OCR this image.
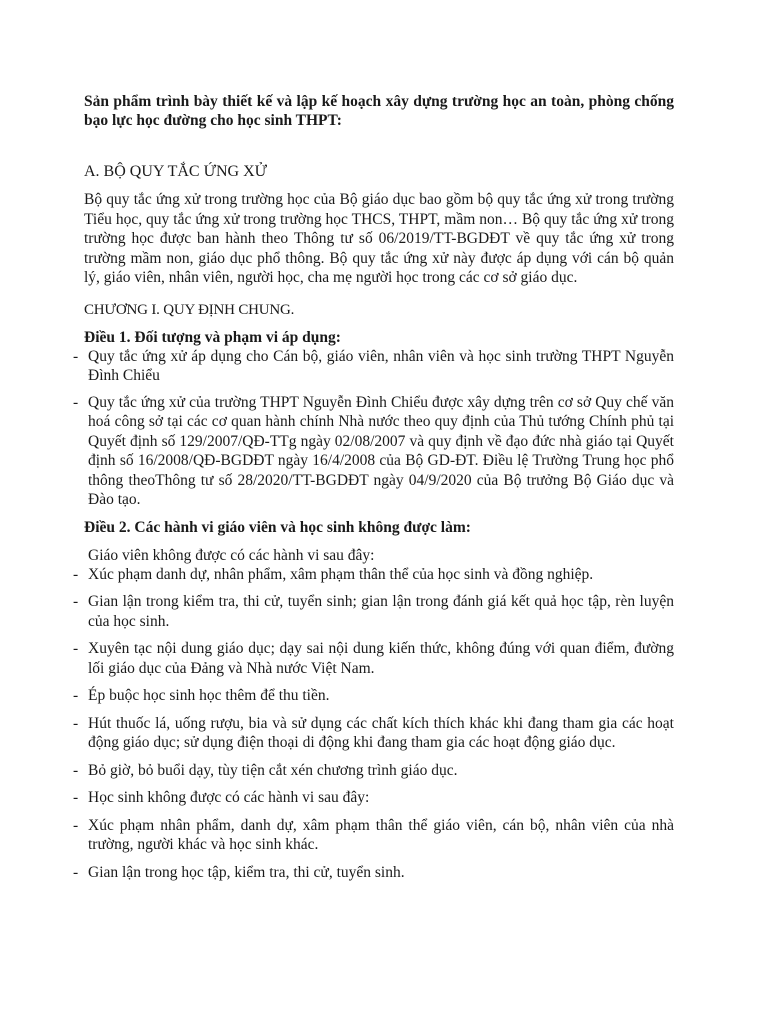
Sản phẩm trình bày thiết kế và lập kế hoạch xây dựng trường học an toàn, phòng chống bạo lực học đường cho học sinh THPT:

A. BỘ QUY TẮC ỨNG XỬ

Bộ quy tắc ứng xử trong trường học của Bộ giáo dục bao gồm bộ quy tắc ứng xử trong trường Tiểu học, quy tắc ứng xử trong trường học THCS, THPT, mầm non… Bộ quy tắc ứng xử trong trường học được ban hành theo Thông tư số 06/2019/TT-BGDĐT về quy tắc ứng xử trong trường mầm non, giáo dục phổ thông. Bộ quy tắc ứng xử này được áp dụng với cán bộ quản lý, giáo viên, nhân viên, người học, cha mẹ người học trong các cơ sở giáo dục.

CHƯƠNG I. QUY ĐỊNH CHUNG.

Điều 1. Đối tượng và phạm vi áp dụng:

- Quy tắc ứng xử áp dụng cho Cán bộ, giáo viên, nhân viên và học sinh trường THPT Nguyễn Đình Chiểu
- Quy tắc ứng xử của trường THPT Nguyễn Đình Chiểu được xây dựng trên cơ sở Quy chế văn hoá công sở tại các cơ quan hành chính Nhà nước theo quy định của Thủ tướng Chính phủ tại Quyết định số 129/2007/QĐ-TTg ngày 02/08/2007 và quy định về đạo đức nhà giáo tại Quyết định số 16/2008/QĐ-BGDĐT ngày 16/4/2008 của Bộ GD-ĐT. Điều lệ Trường Trung học phổ thông theoThông tư số 28/2020/TT-BGDĐT ngày 04/9/2020 của Bộ trưởng Bộ Giáo dục và Đào tạo.

Điều 2. Các hành vi giáo viên và học sinh không được làm:

Giáo viên không được có các hành vi sau đây:

- Xúc phạm danh dự, nhân phẩm, xâm phạm thân thể của học sinh và đồng nghiệp.
- Gian lận trong kiểm tra, thi cử, tuyển sinh; gian lận trong đánh giá kết quả học tập, rèn luyện của học sinh.
- Xuyên tạc nội dung giáo dục; dạy sai nội dung kiến thức, không đúng với quan điểm, đường lối giáo dục của Đảng và Nhà nước Việt Nam.
- Ép buộc học sinh học thêm để thu tiền.
- Hút thuốc lá, uống rượu, bia và sử dụng các chất kích thích khác khi đang tham gia các hoạt động giáo dục; sử dụng điện thoại di động khi đang tham gia các hoạt động giáo dục.
- Bỏ giờ, bỏ buổi dạy, tùy tiện cắt xén chương trình giáo dục.
- Học sinh không được có các hành vi sau đây:
- Xúc phạm nhân phẩm, danh dự, xâm phạm thân thể giáo viên, cán bộ, nhân viên của nhà trường, người khác và học sinh khác.
- Gian lận trong học tập, kiểm tra, thi cử, tuyển sinh.
